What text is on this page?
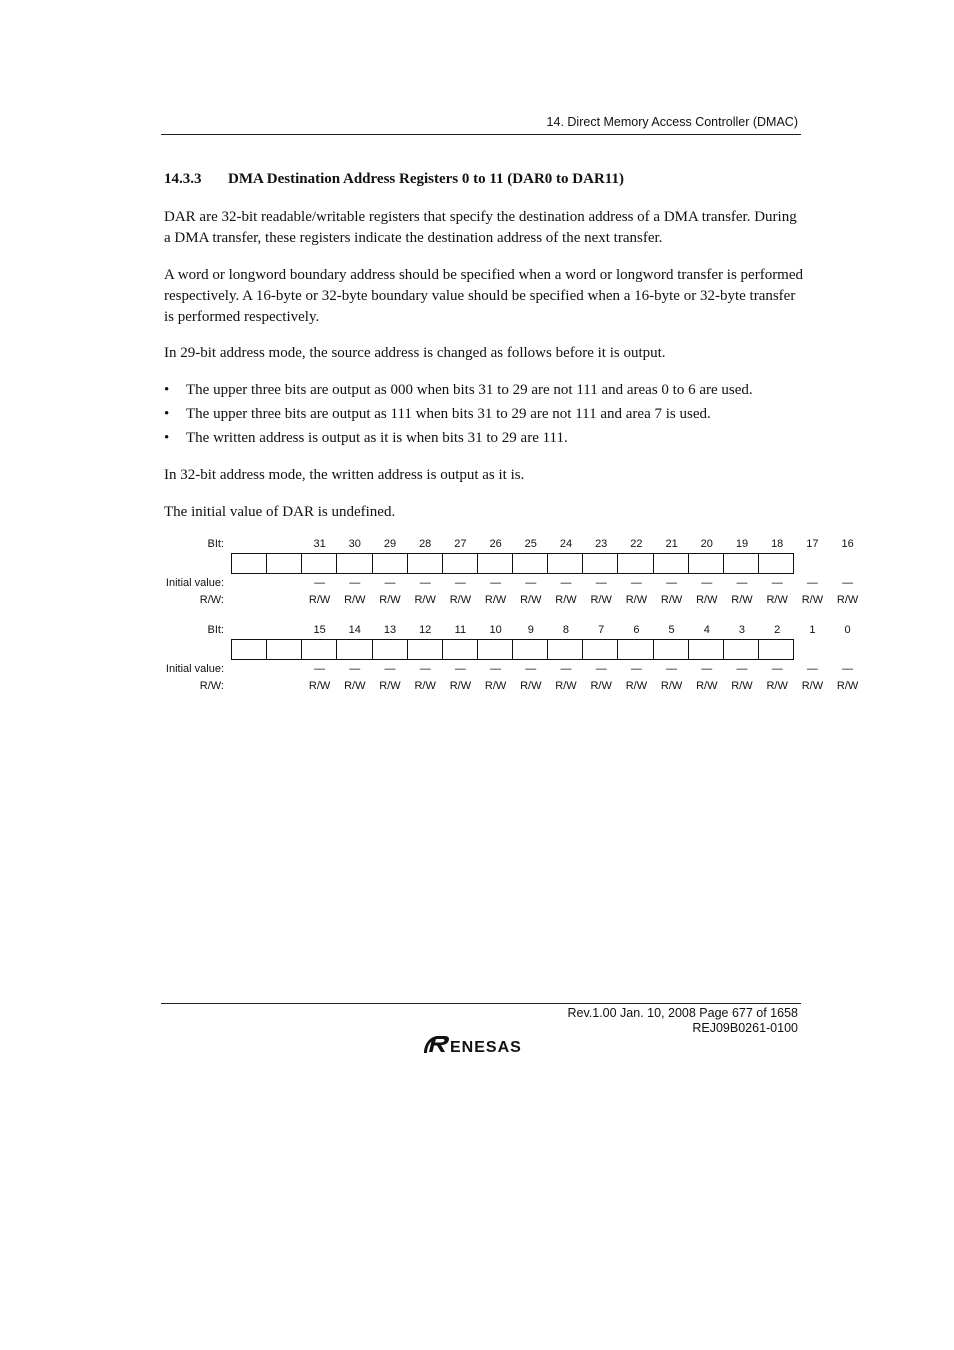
14. Direct Memory Access Controller (DMAC)
14.3.3 DMA Destination Address Registers 0 to 11 (DAR0 to DAR11)

DAR are 32-bit readable/writable registers that specify the destination address of a DMA transfer. During a DMA transfer, these registers indicate the destination address of the next transfer.

A word or longword boundary address should be specified when a word or longword transfer is performed respectively. A 16-byte or 32-byte boundary value should be specified when a 16-byte or 32-byte transfer is performed respectively.

In 29-bit address mode, the source address is changed as follows before it is output.

• The upper three bits are output as 000 when bits 31 to 29 are not 111 and areas 0 to 6 are used.
• The upper three bits are output as 111 when bits 31 to 29 are not 111 and area 7 is used.
• The written address is output as it is when bits 31 to 29 are 111.

In 32-bit address mode, the written address is output as it is.

The initial value of DAR is undefined.

BIt:	31	30	29	28	27	26	25	24	23	22	21	20	19	18	17	16
Initial value:	—	—	—	—	—	—	—	—	—	—	—	—	—	—	—	—
R/W:	R/W	R/W	R/W	R/W	R/W	R/W	R/W	R/W	R/W	R/W	R/W	R/W	R/W	R/W	R/W	R/W
BIt:	15	14	13	12	11	10	9	8	7	6	5	4	3	2	1	0
Initial value:	—	—	—	—	—	—	—	—	—	—	—	—	—	—	—	—
R/W:	R/W	R/W	R/W	R/W	R/W	R/W	R/W	R/W	R/W	R/W	R/W	R/W	R/W	R/W	R/W	R/W
Rev.1.00 Jan. 10, 2008 Page 677 of 1658
REJ09B0261-0100
ENESAS
